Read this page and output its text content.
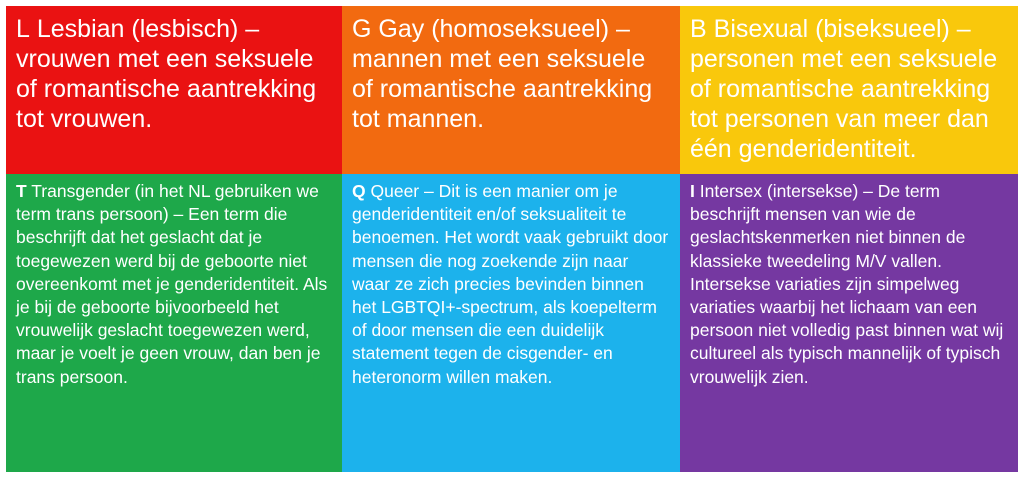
L Lesbian (lesbisch) – vrouwen met een seksuele of romantische aantrekking tot vrouwen.
G Gay (homoseksueel) – mannen met een seksuele of romantische aantrekking tot mannen.
B Bisexual (biseksueel) – personen met een seksuele of romantische aantrekking tot personen van meer dan één genderidentiteit.
T Transgender (in het NL gebruiken we term trans persoon) – Een term die beschrijft dat het geslacht dat je toegewezen werd bij de geboorte niet overeenkomt met je genderidentiteit. Als je bij de geboorte bijvoorbeeld het vrouwelijk geslacht toegewezen werd, maar je voelt je geen vrouw, dan ben je trans persoon.
Q Queer – Dit is een manier om je genderidentiteit en/of seksualiteit te benoemen. Het wordt vaak gebruikt door mensen die nog zoekende zijn naar waar ze zich precies bevinden binnen het LGBTQI+-spectrum, als koepelterm of door mensen die een duidelijk statement tegen de cisgender- en heteronorm willen maken.
I Intersex (intersekse) – De term beschrijft mensen van wie de geslachtskenmerken niet binnen de klassieke tweedeling M/V vallen. Intersekse variaties zijn simpelweg variaties waarbij het lichaam van een persoon niet volledig past binnen wat wij cultureel als typisch mannelijk of typisch vrouwelijk zien.
